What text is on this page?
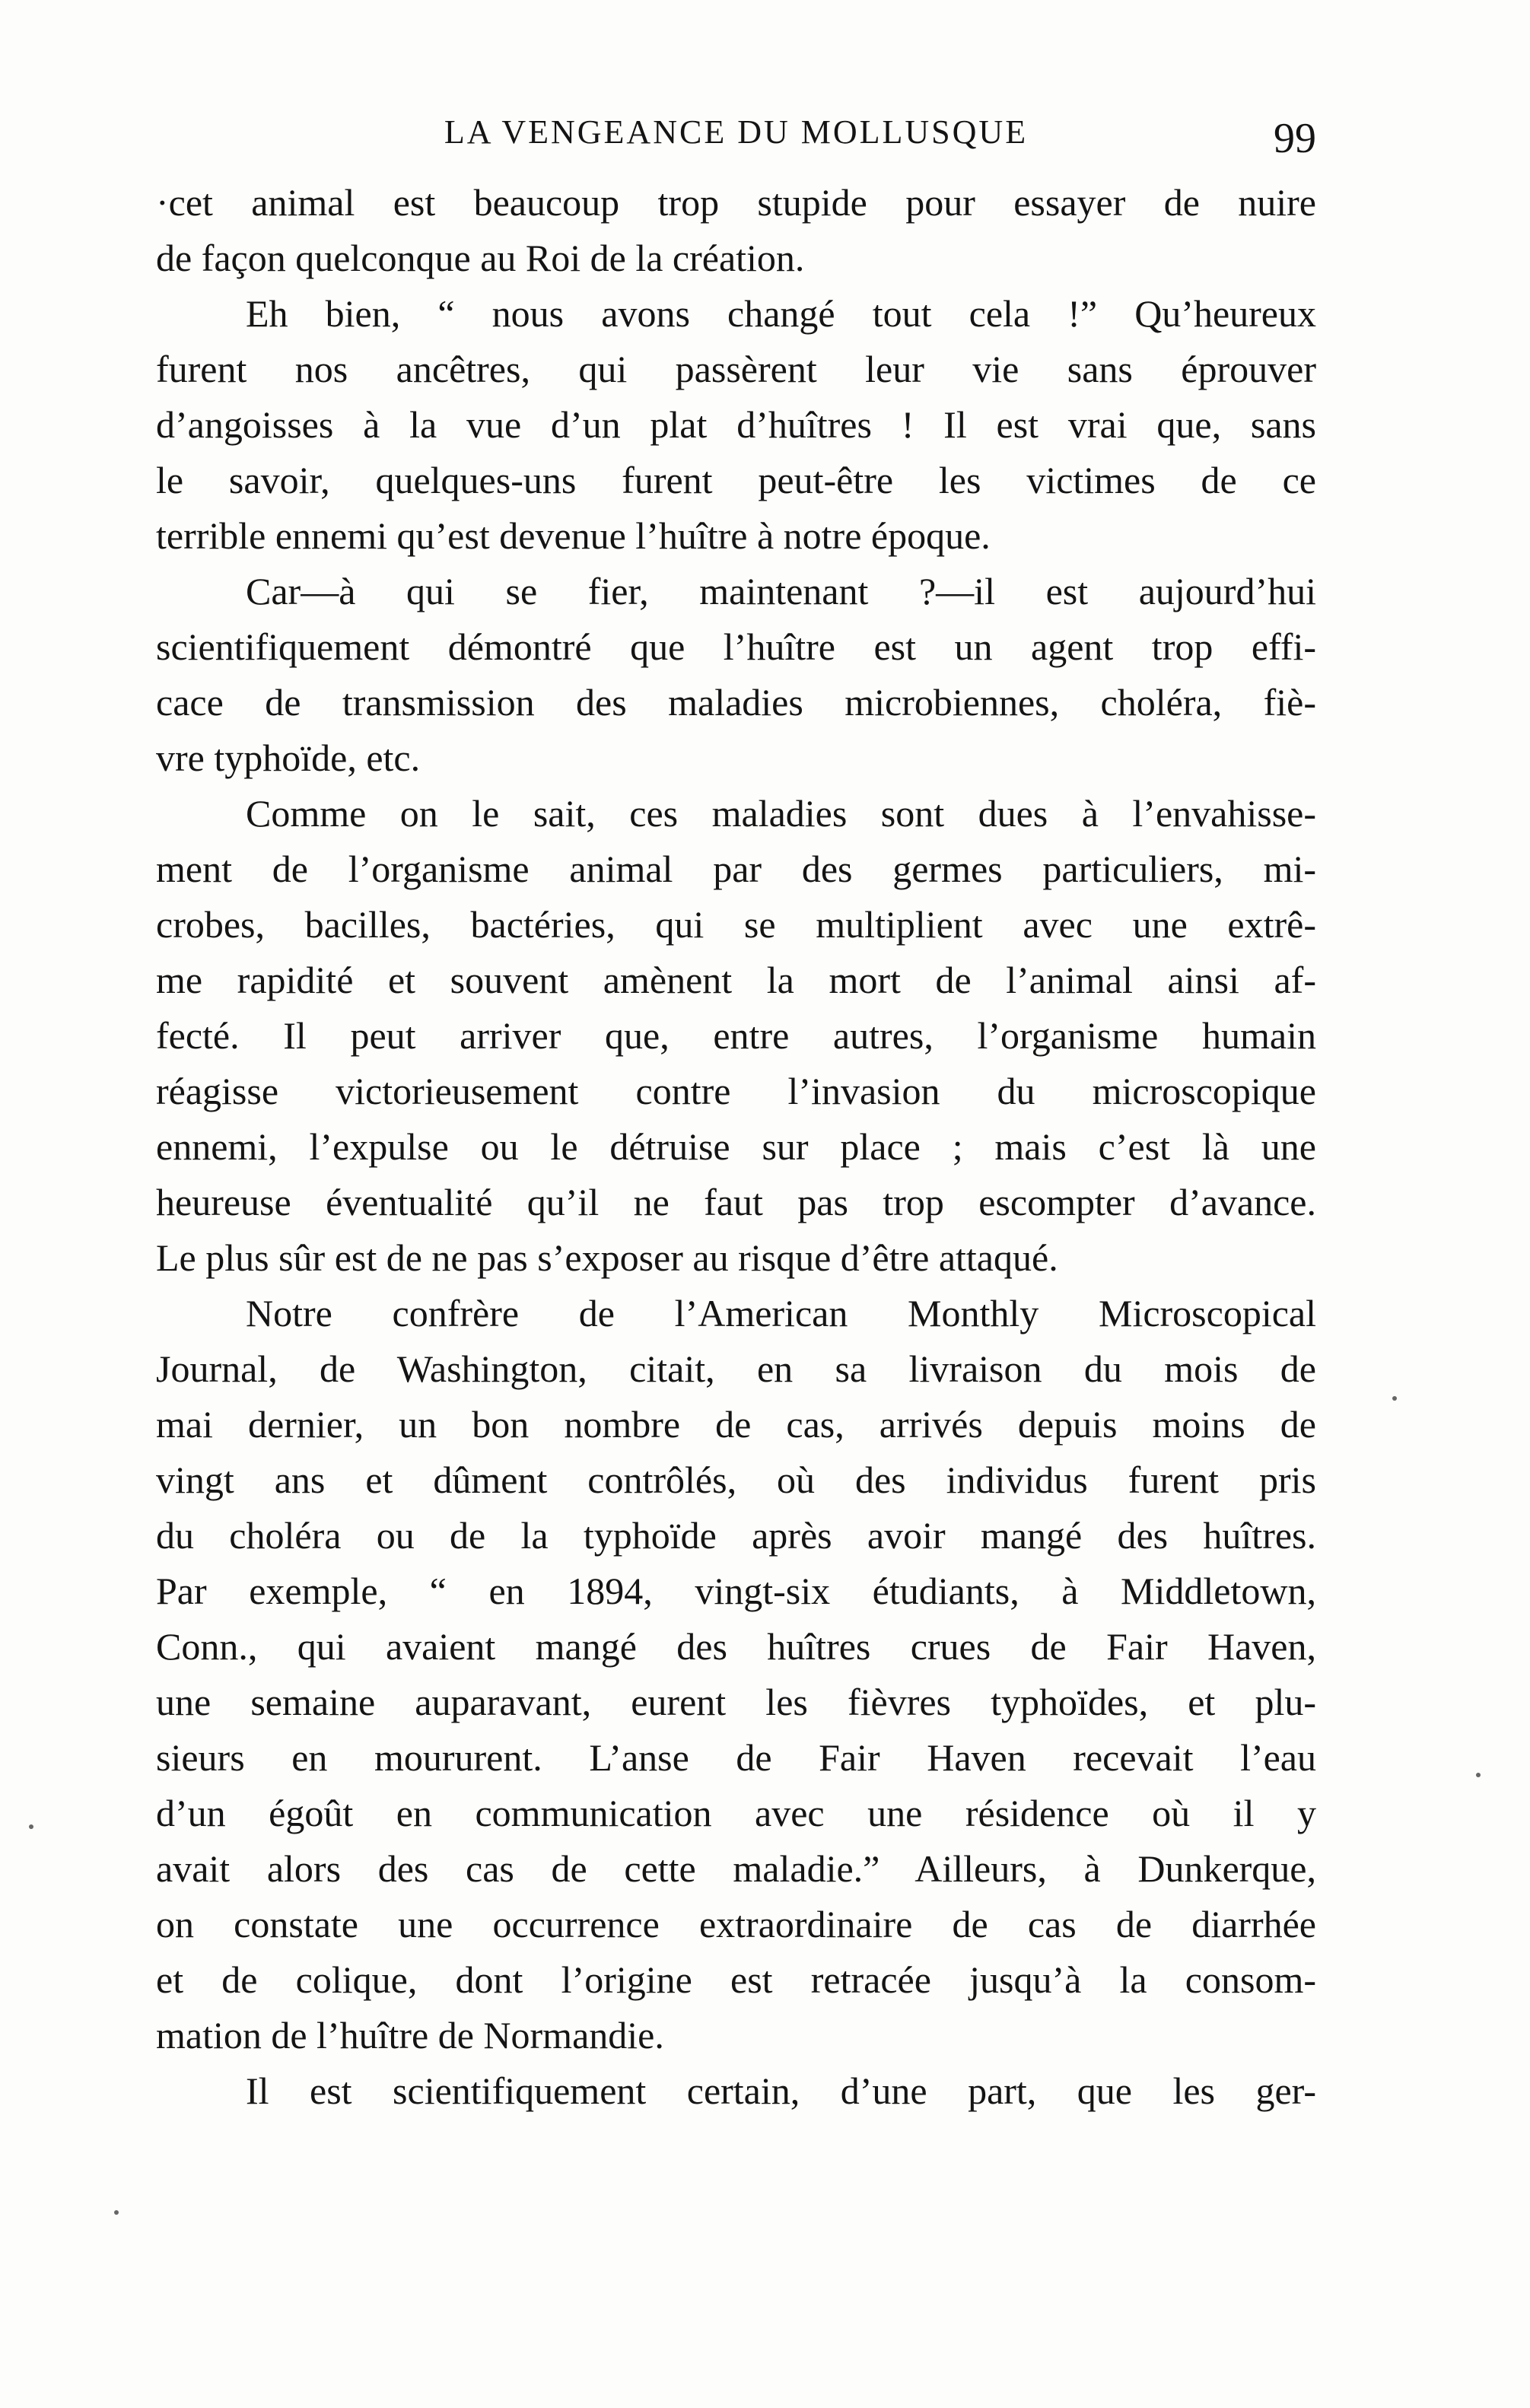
LA VENGEANCE DU MOLLUSQUE	99
·cet animal est beaucoup trop stupide pour essayer de nuire
de façon quelconque au Roi de la création.
Eh bien, “ nous avons changé tout cela !” Qu’heureux
furent nos ancêtres, qui passèrent leur vie sans éprouver
d’angoisses à la vue d’un plat d’huîtres ! Il est vrai que, sans
le savoir, quelques-uns furent peut-être les victimes de ce
terrible ennemi qu’est devenue l’huître à notre époque.
Car—à qui se fier, maintenant ?—il est aujourd’hui
scientifiquement démontré que l’huître est un agent trop effi-
cace de transmission des maladies microbiennes, choléra, fiè-
vre typhoïde, etc.
Comme on le sait, ces maladies sont dues à l’envahisse-
ment de l’organisme animal par des germes particuliers, mi-
crobes, bacilles, bactéries, qui se multiplient avec une extrê-
me rapidité et souvent amènent la mort de l’animal ainsi af-
fecté. Il peut arriver que, entre autres, l’organisme humain
réagisse victorieusement contre l’invasion du microscopique
ennemi, l’expulse ou le détruise sur place ; mais c’est là une
heureuse éventualité qu’il ne faut pas trop escompter d’avance.
Le plus sûr est de ne pas s’exposer au risque d’être attaqué.
Notre confrère de l’American Monthly Microscopical
Journal, de Washington, citait, en sa livraison du mois de
mai dernier, un bon nombre de cas, arrivés depuis moins de
vingt ans et dûment contrôlés, où des individus furent pris
du choléra ou de la typhoïde après avoir mangé des huîtres.
Par exemple, “ en 1894, vingt-six étudiants, à Middletown,
Conn., qui avaient mangé des huîtres crues de Fair Haven,
une semaine auparavant, eurent les fièvres typhoïdes, et plu-
sieurs en moururent. L’anse de Fair Haven recevait l’eau
d’un égoût en communication avec une résidence où il y
avait alors des cas de cette maladie.” Ailleurs, à Dunkerque,
on constate une occurrence extraordinaire de cas de diarrhée
et de colique, dont l’origine est retracée jusqu’à la consom-
mation de l’huître de Normandie.
Il est scientifiquement certain, d’une part, que les ger-
